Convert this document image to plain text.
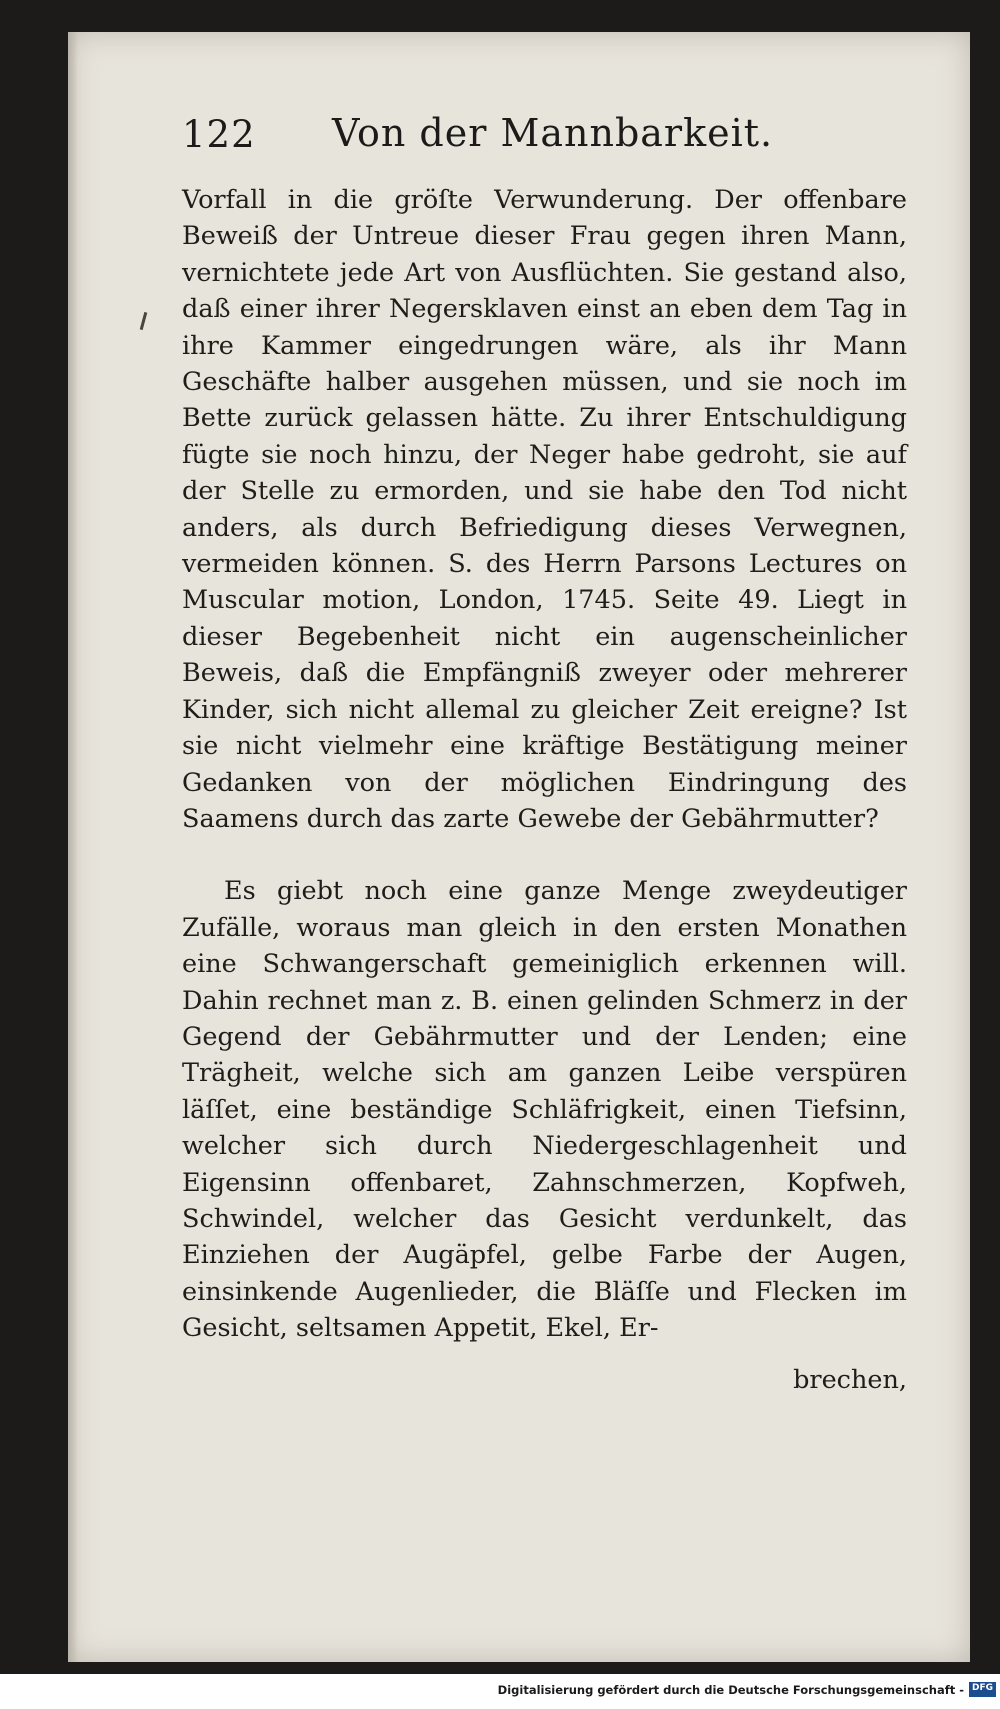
122 Von der Mannbarkeit.

Vorfall in die gröſte Verwunderung. Der offenbare Beweiß der Untreue dieser Frau gegen ihren Mann, vernichtete jede Art von Ausflüchten. Sie gestand also, daß einer ihrer Negersklaven einst an eben dem Tag in ihre Kammer eingedrungen wäre, als ihr Mann Geschäfte halber ausgehen müssen, und sie noch im Bette zurück gelassen hätte. Zu ihrer Entschuldigung fügte sie noch hinzu, der Neger habe gedroht, sie auf der Stelle zu ermorden, und sie habe den Tod nicht anders, als durch Befriedigung dieses Verwegnen, vermeiden können. S. des Herrn Parsons Lectures on Muscular motion, London, 1745. Seite 49. Liegt in dieser Begebenheit nicht ein augenscheinlicher Beweis, daß die Empfängniß zweyer oder mehrerer Kinder, sich nicht allemal zu gleicher Zeit ereigne? Ist sie nicht vielmehr eine kräftige Bestätigung meiner Gedanken von der möglichen Eindringung des Saamens durch das zarte Gewebe der Gebährmutter?

Es giebt noch eine ganze Menge zweydeutiger Zufälle, woraus man gleich in den ersten Monathen eine Schwangerschaft gemeiniglich erkennen will. Dahin rechnet man z. B. einen gelinden Schmerz in der Gegend der Gebährmutter und der Lenden; eine Trägheit, welche sich am ganzen Leibe verspüren läſſet, eine beständige Schläfrigkeit, einen Tiefsinn, welcher sich durch Niedergeschlagenheit und Eigensinn offenbaret, Zahnschmerzen, Kopfweh, Schwindel, welcher das Gesicht verdunkelt, das Einziehen der Augäpfel, gelbe Farbe der Augen, einsinkende Augenlieder, die Bläſſe und Flecken im Gesicht, seltsamen Appetit, Ekel, Er-

brechen,
Digitalisierung gefördert durch die Deutsche Forschungsgemeinschaft - DFG
